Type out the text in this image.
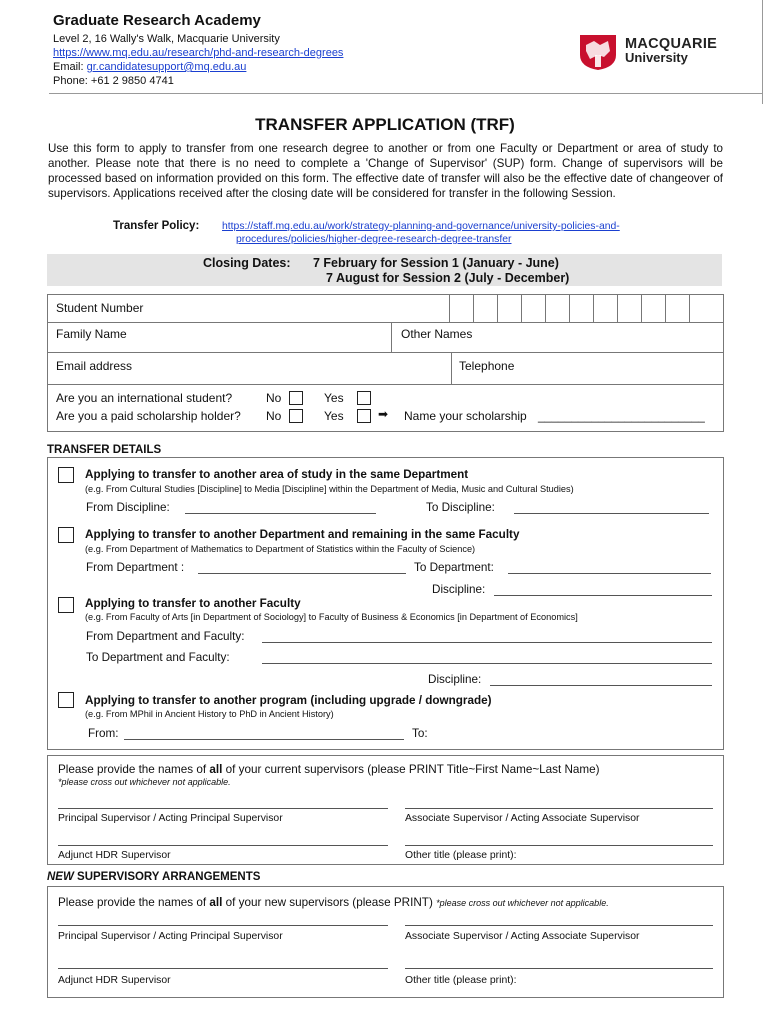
Graduate Research Academy
Level 2, 16 Wally's Walk, Macquarie University
https://www.mq.edu.au/research/phd-and-research-degrees
Email: gr.candidatesupport@mq.edu.au
Phone: +61 2 9850 4741
MACQUARIE
University
TRANSFER APPLICATION (TRF)
Use this form to apply to transfer from one research degree to another or from one Faculty or Department or area of study to another. Please note that there is no need to complete a 'Change of Supervisor' (SUP) form. Change of supervisors will be processed based on information provided on this form. The effective date of transfer will also be the effective date of changeover of supervisors. Applications received after the closing date will be considered for transfer in the following Session.
Transfer Policy: https://staff.mq.edu.au/work/strategy-planning-and-governance/university-policies-and-
procedures/policies/higher-degree-research-degree-transfer
Closing Dates: 7 February for Session 1 (January - June)
7 August for Session 2 (July - December)
Student Number
Family Name	Other Names
Email address	Telephone
Are you an international student?	No	Yes
Are you a paid scholarship holder? No	Yes	➡ Name your scholarship _________________________
TRANSFER DETAILS
Applying to transfer to another area of study in the same Department
(e.g. From Cultural Studies [Discipline] to Media [Discipline] within the Department of Media, Music and Cultural Studies)
From Discipline:	To Discipline:
Applying to transfer to another Department and remaining in the same Faculty
(e.g. From Department of Mathematics to Department of Statistics within the Faculty of Science)
From Department :	To Department:
Discipline:
Applying to transfer to another Faculty
(e.g. From Faculty of Arts [in Department of Sociology] to Faculty of Business & Economics [in Department of Economics]
From Department and Faculty:
To Department and Faculty:
Discipline:
Applying to transfer to another program (including upgrade / downgrade)
(e.g. From MPhil in Ancient History to PhD in Ancient History)
From:	To:
Please provide the names of all of your current supervisors (please PRINT Title~First Name~Last Name)
*please cross out whichever not applicable.
Principal Supervisor / Acting Principal Supervisor	Associate Supervisor / Acting Associate Supervisor
Adjunct HDR Supervisor	Other title (please print):
NEW SUPERVISORY ARRANGEMENTS
Please provide the names of all of your new supervisors (please PRINT) *please cross out whichever not applicable.
Principal Supervisor / Acting Principal Supervisor	Associate Supervisor / Acting Associate Supervisor
Adjunct HDR Supervisor	Other title (please print):
